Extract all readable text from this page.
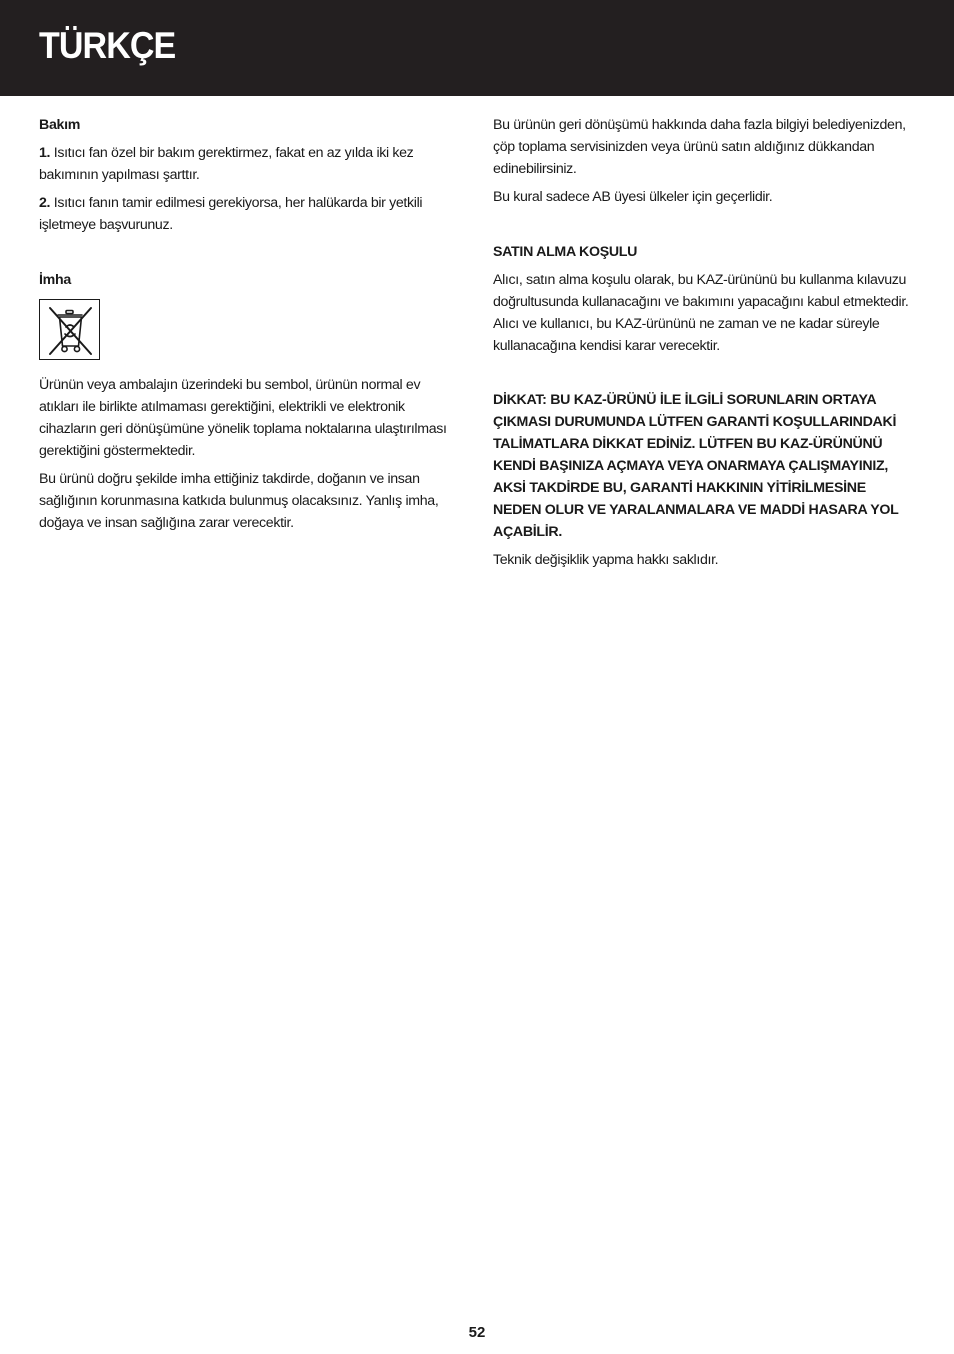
TÜRKÇE
Bakım

1. Isıtıcı fan özel bir bakım gerektirmez, fakat en az yılda iki kez bakımının yapılması şarttır.

2. Isıtıcı fanın tamir edilmesi gerekiyorsa, her halükarda bir yetkili işletmeye başvurunuz.

İmha

Ürünün veya ambalajın üzerindeki bu sembol, ürünün normal ev atıkları ile birlikte atılmaması gerektiğini, elektrikli ve elektronik cihazların geri dönüşümüne yönelik toplama noktalarına ulaştırılması gerektiğini göstermektedir.

Bu ürünü doğru şekilde imha ettiğiniz takdirde, doğanın ve insan sağlığının korunmasına katkıda bulunmuş olacaksınız. Yanlış imha, doğaya ve insan sağlığına zarar verecektir.

Bu ürünün geri dönüşümü hakkında daha fazla bilgiyi belediyenizden, çöp toplama servisinizden veya ürünü satın aldığınız dükkandan edinebilirsiniz.

Bu kural sadece AB üyesi ülkeler için geçerlidir.

SATIN ALMA KOŞULU

Alıcı, satın alma koşulu olarak, bu KAZ-ürününü bu kullanma kılavuzu doğrultusunda kullanacağını ve bakımını yapacağını kabul etmektedir. Alıcı ve kullanıcı, bu KAZ-ürününü ne zaman ve ne kadar süreyle kullanacağına kendisi karar verecektir.

DİKKAT: BU KAZ-ÜRÜNÜ İLE İLGİLİ SORUNLARIN ORTAYA ÇIKMASI DURUMUNDA LÜTFEN GARANTİ KOŞULLARINDAKİ TALİMATLARA DİKKAT EDİNİZ. LÜTFEN BU KAZ-ÜRÜNÜNÜ KENDİ BAŞINIZA AÇMAYA VEYA ONARMAYA ÇALIŞMAYINIZ, AKSİ TAKDİRDE BU, GARANTİ HAKKININ YİTİRİLMESİNE NEDEN OLUR VE YARALANMALARA VE MADDİ HASARA YOL AÇABİLİR.

Teknik değişiklik yapma hakkı saklıdır.

52
